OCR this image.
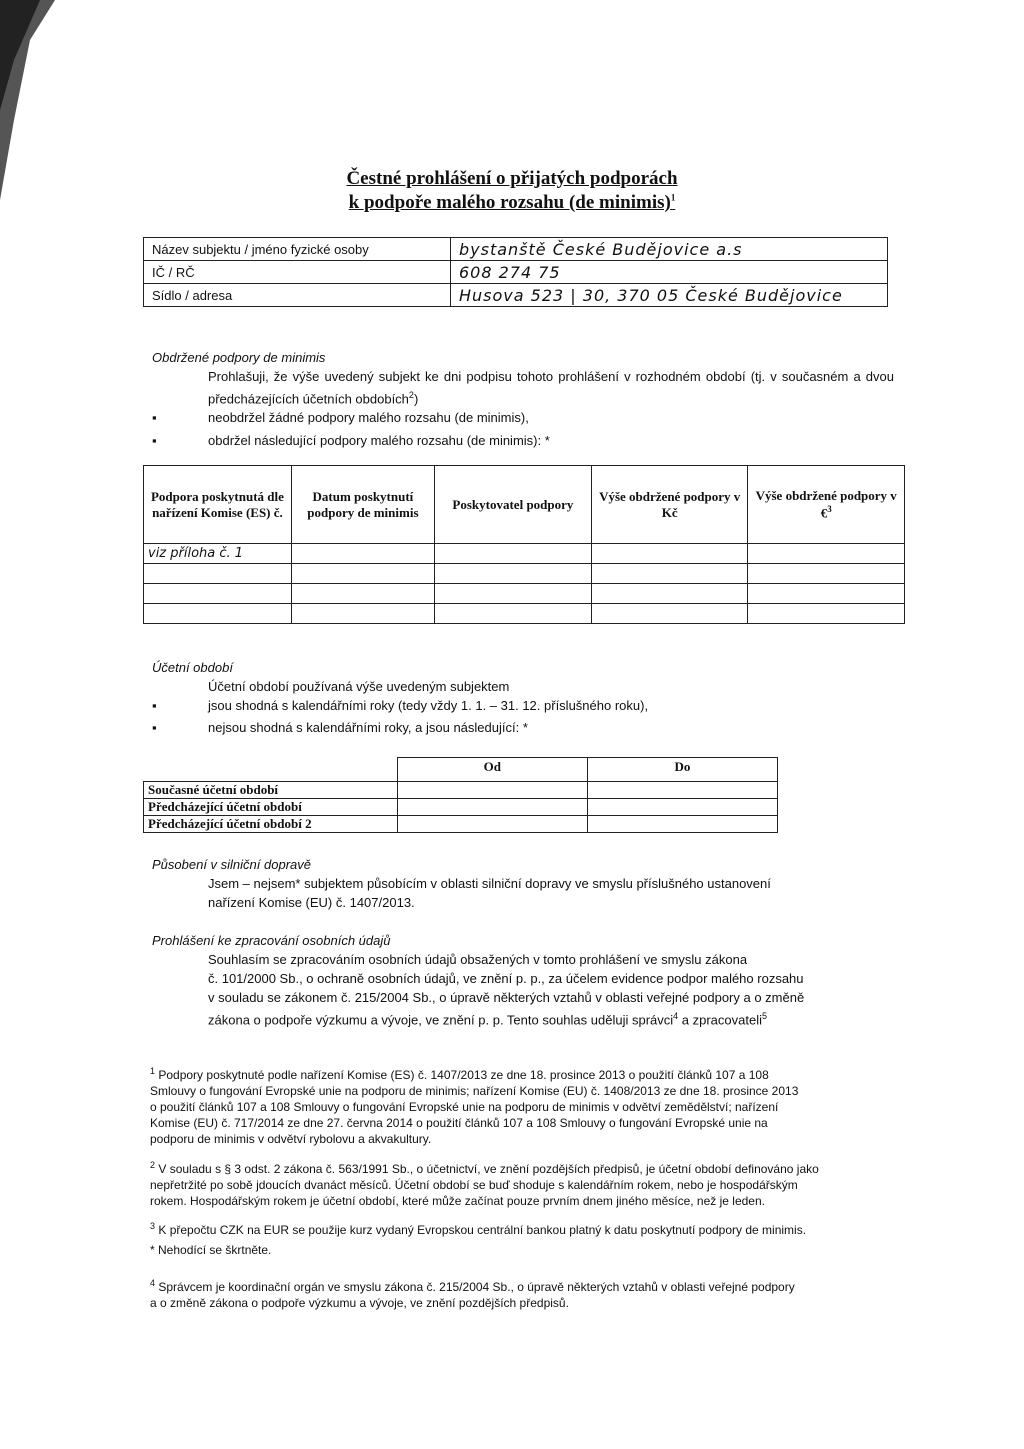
Čestné prohlášení o přijatých podporách
k podpoře malého rozsahu (de minimis)$^1$
Název subjektu / jméno fyzické osoby	bystanště České Budějovice a.s
IČ / RČ	608 274 75
Sídlo / adresa	Husova 523 | 30, 370 05 České Budějovice
Obdržené podpory de minimis
Prohlašuji, že výše uvedený subjekt ke dni podpisu tohoto prohlášení v rozhodném období (tj. v současném a dvou předcházejících účetních obdobích$^2$)
▪ neobdržel žádné podpory malého rozsahu (de minimis),
▪ obdržel následující podpory malého rozsahu (de minimis): *
Podpora poskytnutá dle nařízení Komise (ES) č.	Datum poskytnutí podpory de minimis	Poskytovatel podpory	Výše obdržené podpory v Kč	Výše obdržené podpory v €$^3$
viz příloha č. 1				

Účetní období
Účetní období používaná výše uvedeným subjektem
▪ jsou shodná s kalendářními roky (tedy vždy 1. 1. – 31. 12. příslušného roku),
▪ nejsou shodná s kalendářními roky, a jsou následující: *
	Od	Do
Současné účetní období		
Předcházející účetní období		
Předcházející účetní období 2		
Působení v silniční dopravě
Jsem – nejsem* subjektem působícím v oblasti silniční dopravy ve smyslu příslušného ustanovení
nařízení Komise (EU) č. 1407/2013.
Prohlášení ke zpracování osobních údajů
Souhlasím se zpracováním osobních údajů obsažených v tomto prohlášení ve smyslu zákona
č. 101/2000 Sb., o ochraně osobních údajů, ve znění p. p., za účelem evidence podpor malého rozsahu
v souladu se zákonem č. 215/2004 Sb., o úpravě některých vztahů v oblasti veřejné podpory a o změně
zákona o podpoře výzkumu a vývoje, ve znění p. p. Tento souhlas uděluji správci$^4$ a zpracovateli$^5$
$^1$ Podpory poskytnuté podle nařízení Komise (ES) č. 1407/2013 ze dne 18. prosince 2013 o použití článků 107 a 108
Smlouvy o fungování Evropské unie na podporu de minimis; nařízení Komise (EU) č. 1408/2013 ze dne 18. prosince 2013
o použití článků 107 a 108 Smlouvy o fungování Evropské unie na podporu de minimis v odvětví zemědělství; nařízení
Komise (EU) č. 717/2014 ze dne 27. června 2014 o použití článků 107 a 108 Smlouvy o fungování Evropské unie na
podporu de minimis v odvětví rybolovu a akvakultury.
$^2$ V souladu s § 3 odst. 2 zákona č. 563/1991 Sb., o účetnictví, ve znění pozdějších předpisů, je účetní období definováno jako
nepřetržité po sobě jdoucích dvanáct měsíců. Účetní období se buď shoduje s kalendářním rokem, nebo je hospodářským
rokem. Hospodářským rokem je účetní období, které může začínat pouze prvním dnem jiného měsíce, než je leden.
$^3$ K přepočtu CZK na EUR se použije kurz vydaný Evropskou centrální bankou platný k datu poskytnutí podpory de minimis.
* Nehodící se škrtněte.
$^4$ Správcem je koordinační orgán ve smyslu zákona č. 215/2004 Sb., o úpravě některých vztahů v oblasti veřejné podpory
a o změně zákona o podpoře výzkumu a vývoje, ve znění pozdějších předpisů.
